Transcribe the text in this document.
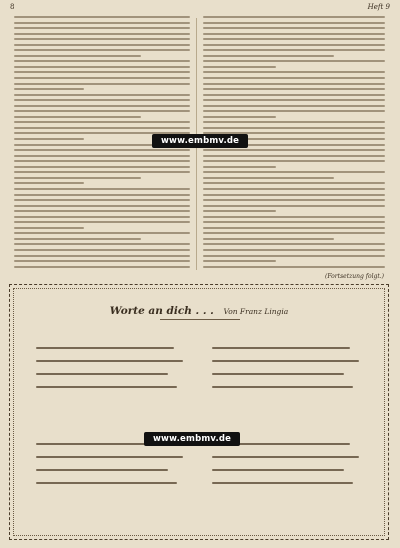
8	Heft 9
(Fortsetzung folgt.)
Worte an dich . . . Von Franz Lingia
www.embmv.de
www.embmv.de
